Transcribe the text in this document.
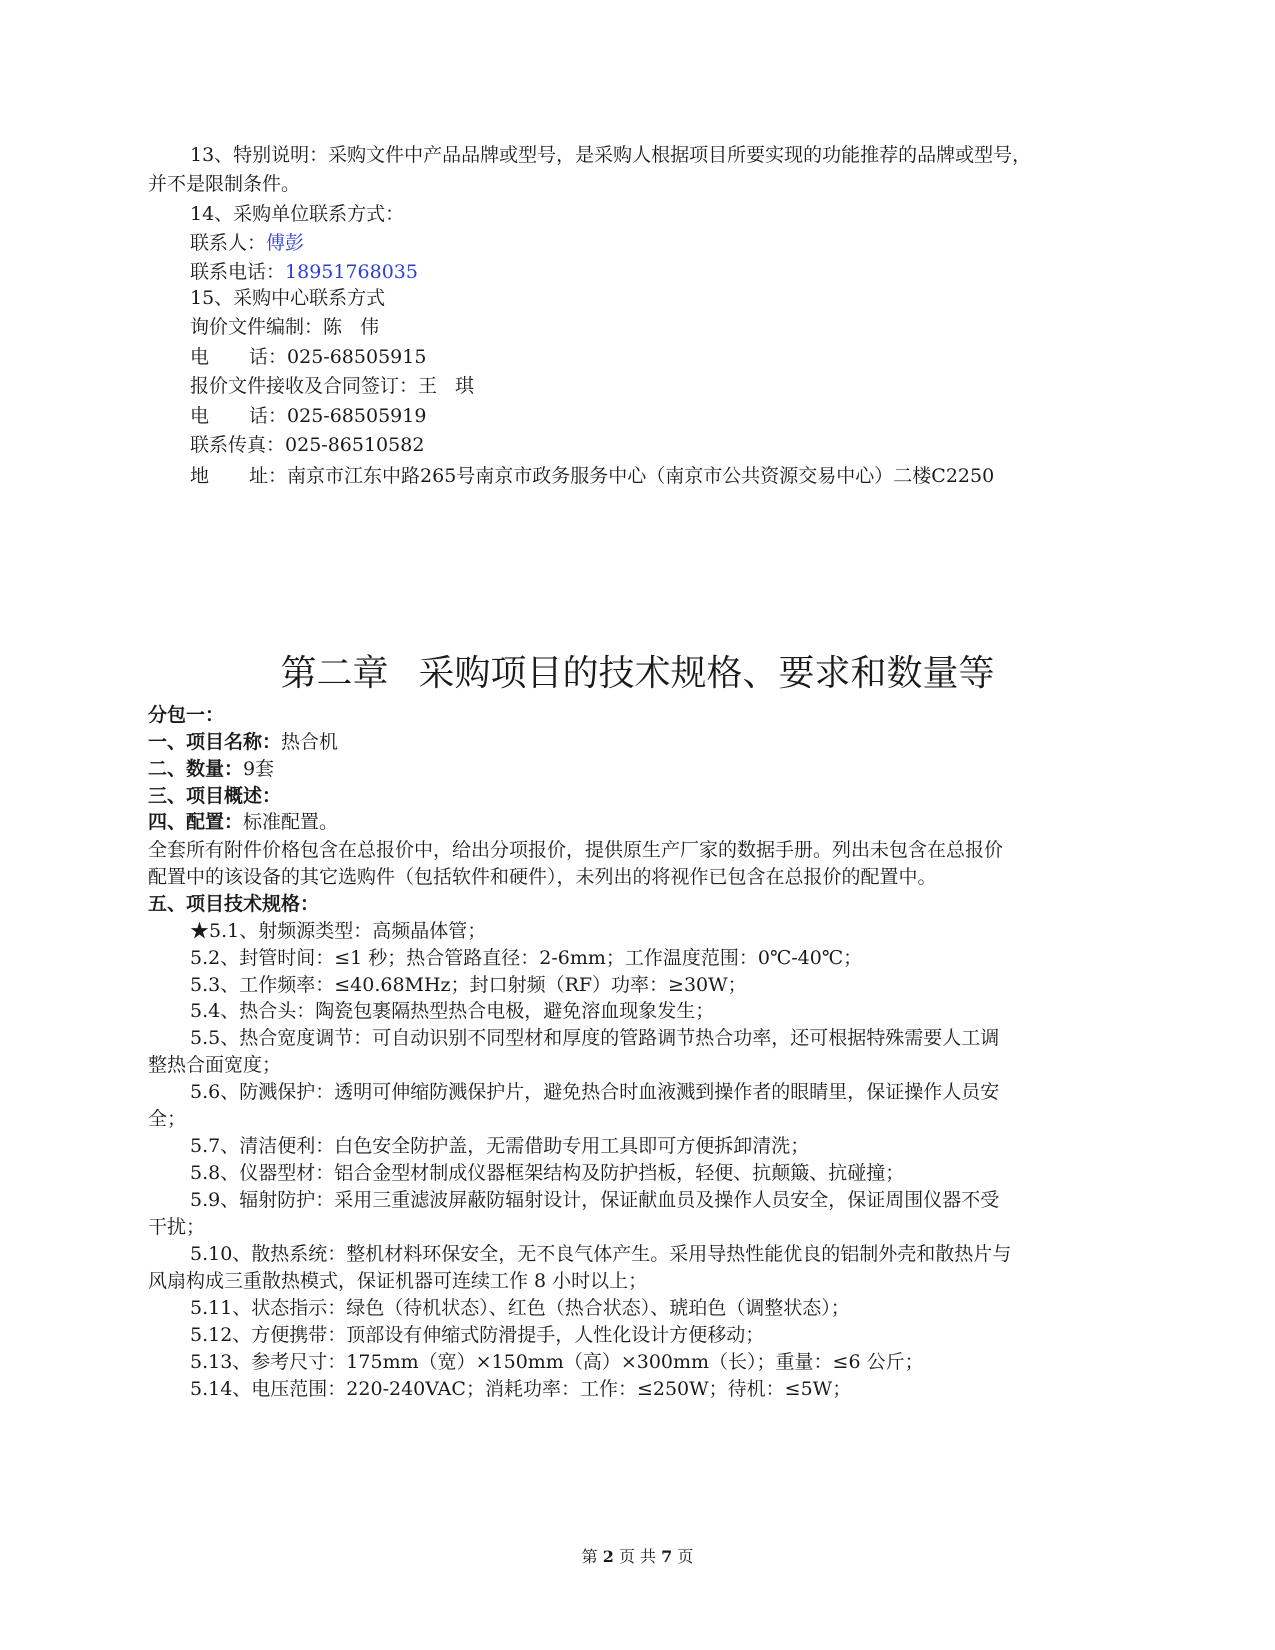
13、特别说明：采购文件中产品品牌或型号，是采购人根据项目所要实现的功能推荐的品牌或型号，
并不是限制条件。
14、采购单位联系方式：
联系人：傅彭
联系电话：18951768035
15、采购中心联系方式
询价文件编制：陈 伟
电 话：025-68505915
报价文件接收及合同签订：王 琪
电 话：025-68505919
联系传真：025-86510582
地 址：南京市江东中路265号南京市政务服务中心（南京市公共资源交易中心）二楼C2250
第二章 采购项目的技术规格、要求和数量等
分包一：
一、项目名称：热合机
二、数量：9套
三、项目概述：
四、配置：标准配置。
全套所有附件价格包含在总报价中，给出分项报价，提供原生产厂家的数据手册。列出未包含在总报价
配置中的该设备的其它选购件（包括软件和硬件），未列出的将视作已包含在总报价的配置中。
五、项目技术规格：
★5.1、射频源类型：高频晶体管；
5.2、封管时间：≤1 秒；热合管路直径：2-6mm；工作温度范围：0℃-40℃；
5.3、工作频率：≤40.68MHz；封口射频（RF）功率：≥30W；
5.4、热合头：陶瓷包裹隔热型热合电极，避免溶血现象发生；
5.5、热合宽度调节：可自动识别不同型材和厚度的管路调节热合功率，还可根据特殊需要人工调
整热合面宽度；
5.6、防溅保护：透明可伸缩防溅保护片，避免热合时血液溅到操作者的眼睛里，保证操作人员安
全；
5.7、清洁便利：白色安全防护盖，无需借助专用工具即可方便拆卸清洗；
5.8、仪器型材：铝合金型材制成仪器框架结构及防护挡板，轻便、抗颠簸、抗碰撞；
5.9、辐射防护：采用三重滤波屏蔽防辐射设计，保证献血员及操作人员安全，保证周围仪器不受
干扰；
5.10、散热系统：整机材料环保安全，无不良气体产生。采用导热性能优良的铝制外壳和散热片与
风扇构成三重散热模式，保证机器可连续工作 8 小时以上；
5.11、状态指示：绿色（待机状态）、红色（热合状态）、琥珀色（调整状态）；
5.12、方便携带：顶部设有伸缩式防滑提手，人性化设计方便移动；
5.13、参考尺寸：175mm（宽）×150mm（高）×300mm（长）；重量：≤6 公斤；
5.14、电压范围：220-240VAC；消耗功率：工作：≤250W；待机：≤5W；
第 2 页 共 7 页
